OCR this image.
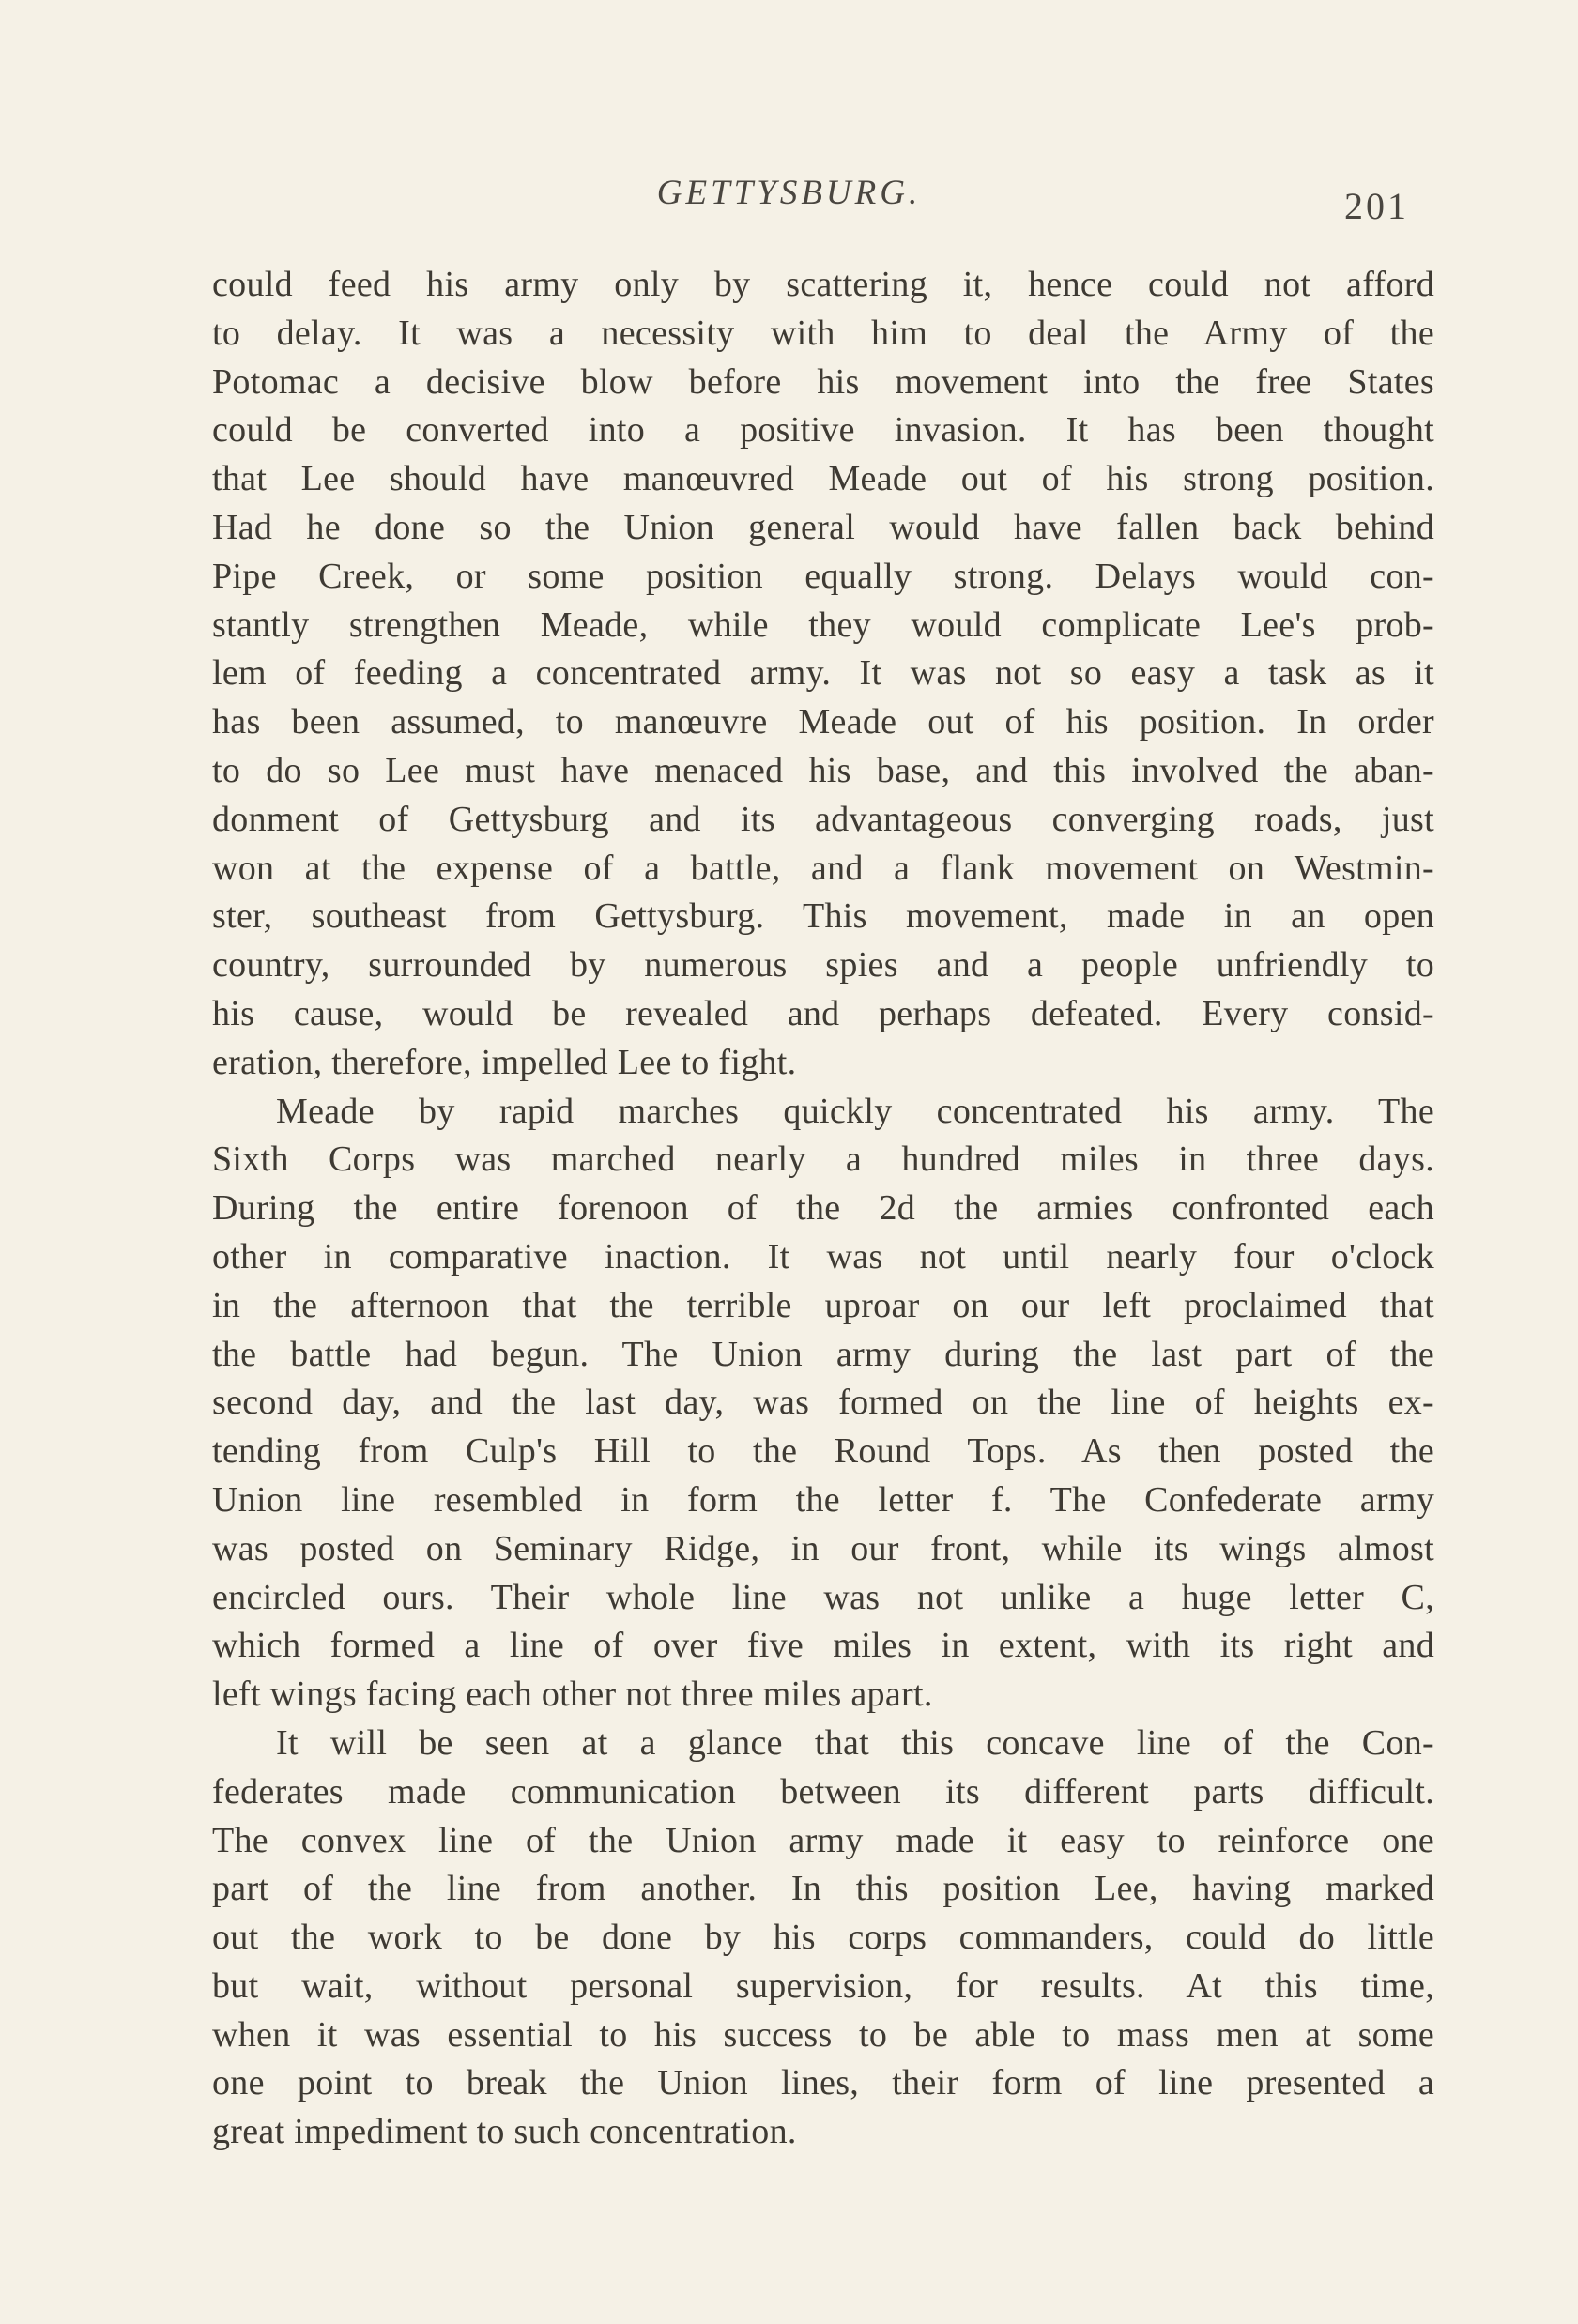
GETTYSBURG.	201
could feed his army only by scattering it, hence could not afford
to delay. It was a necessity with him to deal the Army of the
Potomac a decisive blow before his movement into the free States
could be converted into a positive invasion. It has been thought
that Lee should have manœuvred Meade out of his strong position.
Had he done so the Union general would have fallen back behind
Pipe Creek, or some position equally strong. Delays would con-
stantly strengthen Meade, while they would complicate Lee's prob-
lem of feeding a concentrated army. It was not so easy a task as it
has been assumed, to manœuvre Meade out of his position. In order
to do so Lee must have menaced his base, and this involved the aban-
donment of Gettysburg and its advantageous converging roads, just
won at the expense of a battle, and a flank movement on Westmin-
ster, southeast from Gettysburg. This movement, made in an open
country, surrounded by numerous spies and a people unfriendly to
his cause, would be revealed and perhaps defeated. Every consid-
eration, therefore, impelled Lee to fight.
Meade by rapid marches quickly concentrated his army. The
Sixth Corps was marched nearly a hundred miles in three days.
During the entire forenoon of the 2d the armies confronted each
other in comparative inaction. It was not until nearly four o'clock
in the afternoon that the terrible uproar on our left proclaimed that
the battle had begun. The Union army during the last part of the
second day, and the last day, was formed on the line of heights ex-
tending from Culp's Hill to the Round Tops. As then posted the
Union line resembled in form the letter f. The Confederate army
was posted on Seminary Ridge, in our front, while its wings almost
encircled ours. Their whole line was not unlike a huge letter C,
which formed a line of over five miles in extent, with its right and
left wings facing each other not three miles apart.
It will be seen at a glance that this concave line of the Con-
federates made communication between its different parts difficult.
The convex line of the Union army made it easy to reinforce one
part of the line from another. In this position Lee, having marked
out the work to be done by his corps commanders, could do little
but wait, without personal supervision, for results. At this time,
when it was essential to his success to be able to mass men at some
one point to break the Union lines, their form of line presented a
great impediment to such concentration.
